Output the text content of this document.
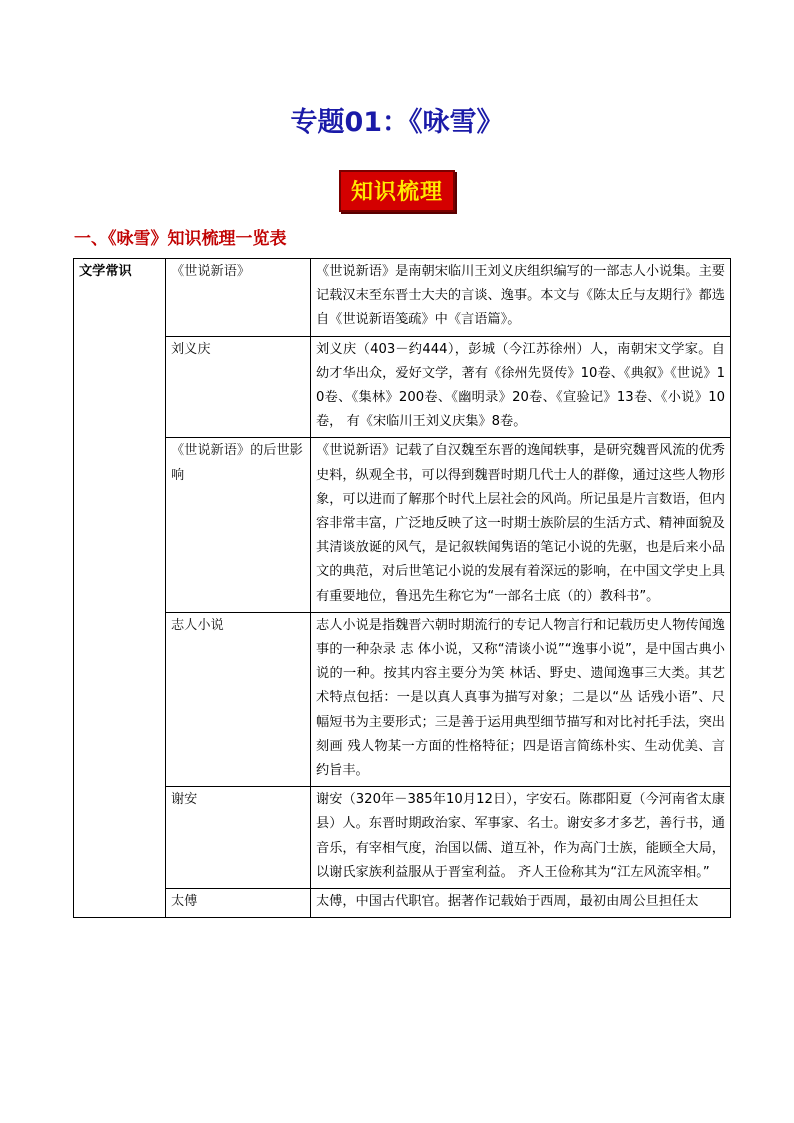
专题01：《咏雪》
知识梳理
一、《咏雪》知识梳理一览表
文学常识	《世说新语》	《世说新语》是南朝宋临川王刘义庆组织编写的一部志人小说集。主要记载汉末至东晋士大夫的言谈、逸事。本文与《陈太丘与友期行》都选自《世说新语笺疏》中《言语篇》。
	刘义庆	刘义庆（403－约444），彭城（今江苏徐州）人，南朝宋文学家。自幼才华出众，爱好文学，著有《徐州先贤传》10卷、《典叙》《世说》10卷、《集林》200卷、《幽明录》20卷、《宣验记》13卷、《小说》10卷， 有《宋临川王刘义庆集》8卷。
	《世说新语》的后世影响	《世说新语》记载了自汉魏至东晋的逸闻轶事，是研究魏晋风流的优秀史料，纵观全书，可以得到魏晋时期几代士人的群像，通过这些人物形象，可以进而了解那个时代上层社会的风尚。所记虽是片言数语，但内容非常丰富，广泛地反映了这一时期士族阶层的生活方式、精神面貌及其清谈放诞的风气，是记叙轶闻隽语的笔记小说的先驱，也是后来小品文的典范，对后世笔记小说的发展有着深远的影响，在中国文学史上具有重要地位，鲁迅先生称它为“一部名士底（的）教科书”。
	志人小说	志人小说是指魏晋六朝时期流行的专记人物言行和记载历史人物传闻逸事的一种杂录 志 体小说，又称“清谈小说”“逸事小说”，是中国古典小说的一种。按其内容主要分为笑 林话、野史、遗闻逸事三大类。其艺术特点包括：一是以真人真事为描写对象；二是以“丛 话残小语”、尺幅短书为主要形式；三是善于运用典型细节描写和对比衬托手法，突出刻画 残人物某一方面的性格特征；四是语言简练朴实、生动优美、言约旨丰。
	谢安	谢安（320年－385年10月12日），字安石。陈郡阳夏（今河南省太康县）人。东晋时期政治家、军事家、名士。谢安多才多艺，善行书，通音乐，有宰相气度，治国以儒、道互补，作为高门士族，能顾全大局，以谢氏家族利益服从于晋室利益。 齐人王俭称其为“江左风流宰相。”
	太傅	太傅，中国古代职官。据著作记载始于西周，最初由周公旦担任太
